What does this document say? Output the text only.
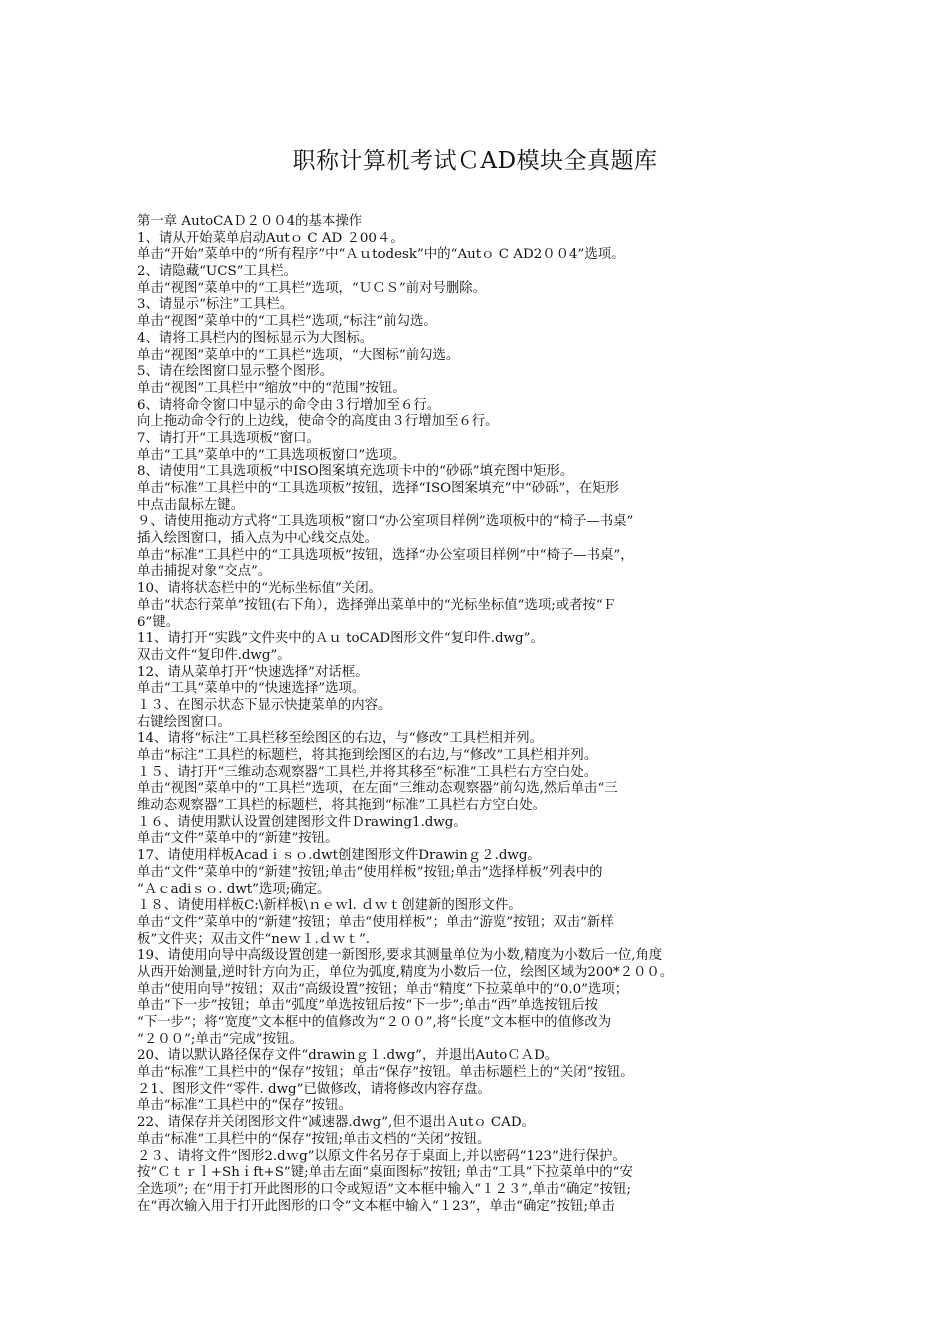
职称计算机考试ＣAD模块全真题库
第一章 AutoCAＤ２００4的基本操作
1、请从开始菜单启动Autｏ C AD ２00４。
单击“开始”菜单中的“所有程序”中“Ａｕtodesk”中的“Autｏ C AD2００4”选项。
2、请隐藏“UCS”工具栏。
单击“视图”菜单中的“工具栏”选项，“ＵＣＳ”前对号删除。
3、请显示“标注”工具栏。
单击“视图”菜单中的“工具栏”选项,“标注”前勾选。
4、请将工具栏内的图标显示为大图标。
单击“视图”菜单中的“工具栏”选项，“大图标”前勾选。
5、请在绘图窗口显示整个图形。
单击“视图”工具栏中“缩放”中的“范围”按钮。
6、请将命令窗口中显示的命令由３行增加至６行。
向上拖动命令行的上边线，使命令的高度由３行增加至６行。
7、请打开“工具选项板”窗口。
单击“工具”菜单中的“工具选项板窗口”选项。
8、请使用“工具选项板”中ISO图案填充选项卡中的“砂砾”填充图中矩形。
单击“标准”工具栏中的“工具选项板”按钮，选择“ISO图案填充”中“砂砾”，在矩形
中点击鼠标左键。
９、请使用拖动方式将“工具选项板”窗口“办公室项目样例”选项板中的“椅子—书桌”
插入绘图窗口，插入点为中心线交点处。
单击“标准”工具栏中的“工具选项板”按钮，选择“办公室项目样例”中“椅子—书桌”，
单击捕捉对象“交点”。
10、请将状态栏中的“光标坐标值”关闭。
单击“状态行菜单”按钮(右下角），选择弹出菜单中的“光标坐标值”选项;或者按“Ｆ
6”键。
11、请打开“实践”文件夹中的Ａｕ toCAD图形文件“复印件.dwg”。
双击文件“复印件.dwg”。
12、请从菜单打开“快速选择”对话框。
单击“工具”菜单中的“快速选择”选项。
１３、在图示状态下显示快捷菜单的内容。
右键绘图窗口。
14、请将“标注”工具栏移至绘图区的右边，与“修改”工具栏相并列。
单击“标注”工具栏的标题栏，将其拖到绘图区的右边,与“修改”工具栏相并列。
１５、请打开“三维动态观察器”工具栏,并将其移至“标准”工具栏右方空白处。
单击“视图”菜单中的“工具栏”选项，在左面“三维动态观察器”前勾选,然后单击“三
维动态观察器”工具栏的标题栏，将其拖到“标准”工具栏右方空白处。
１６、请使用默认设置创建图形文件Ｄrawing1.dwg。
单击“文件”菜单中的“新建”按钮。
17、请使用样板Acadｉｓｏ.dwt创建图形文件Drawinｇ２.dwg。
单击“文件”菜单中的“新建”按钮;单击“使用样板”按钮;单击“选择样板”列表中的
“Ａｃadiｓｏ. dwt”选项;确定。
１８、请使用样板C:\新样板\ｎｅｗl. ｄｗｔ创建新的图形文件。
单击“文件”菜单中的“新建”按钮；单击“使用样板”；单击“游览”按钮；双击“新样
板”文件夹；双击文件“neｗ１.ｄｗｔ”.
19、请使用向导中高级设置创建一新图形,要求其测量单位为小数,精度为小数后一位,角度
从西开始测量,逆时针方向为正，单位为弧度,精度为小数后一位，绘图区域为200*２００。
单击“使用向导”按钮；双击“高级设置”按钮；单击“精度”下拉菜单中的“0.0”选项；
单击“下一步”按钮；单击“弧度”单选按钮后按“下一步”;单击“西”单选按钮后按
“下一步”；将“宽度”文本框中的值修改为“２００”,将“长度”文本框中的值修改为
“２００”;单击“完成”按钮。
20、请以默认路径保存文件“drawinｇ１.dwg”，并退出AutoＣＡD。
单击“标准”工具栏中的“保存”按钮；单击“保存”按钮。单击标题栏上的“关闭”按钮。
２1、图形文件“零件. dwg”已做修改，请将修改内容存盘。
单击“标准”工具栏中的“保存”按钮。
22、请保存并关闭图形文件“减速器.dwg”,但不退出Ａutｏ CAD。
单击“标准”工具栏中的“保存”按钮;单击文档的“关闭”按钮。
２３、请将文件“图形2.dｗg”以原文件名另存于桌面上,并以密码“123”进行保护。
按“Ｃｔｒｌ+Shｉft+S”键;单击左面“桌面图标”按钮; 单击“工具”下拉菜单中的“安
全选项”; 在“用于打开此图形的口令或短语”文本框中输入“１２３”,单击“确定”按钮;
在“再次输入用于打开此图形的口令”文本框中输入“１23”，单击“确定”按钮;单击
